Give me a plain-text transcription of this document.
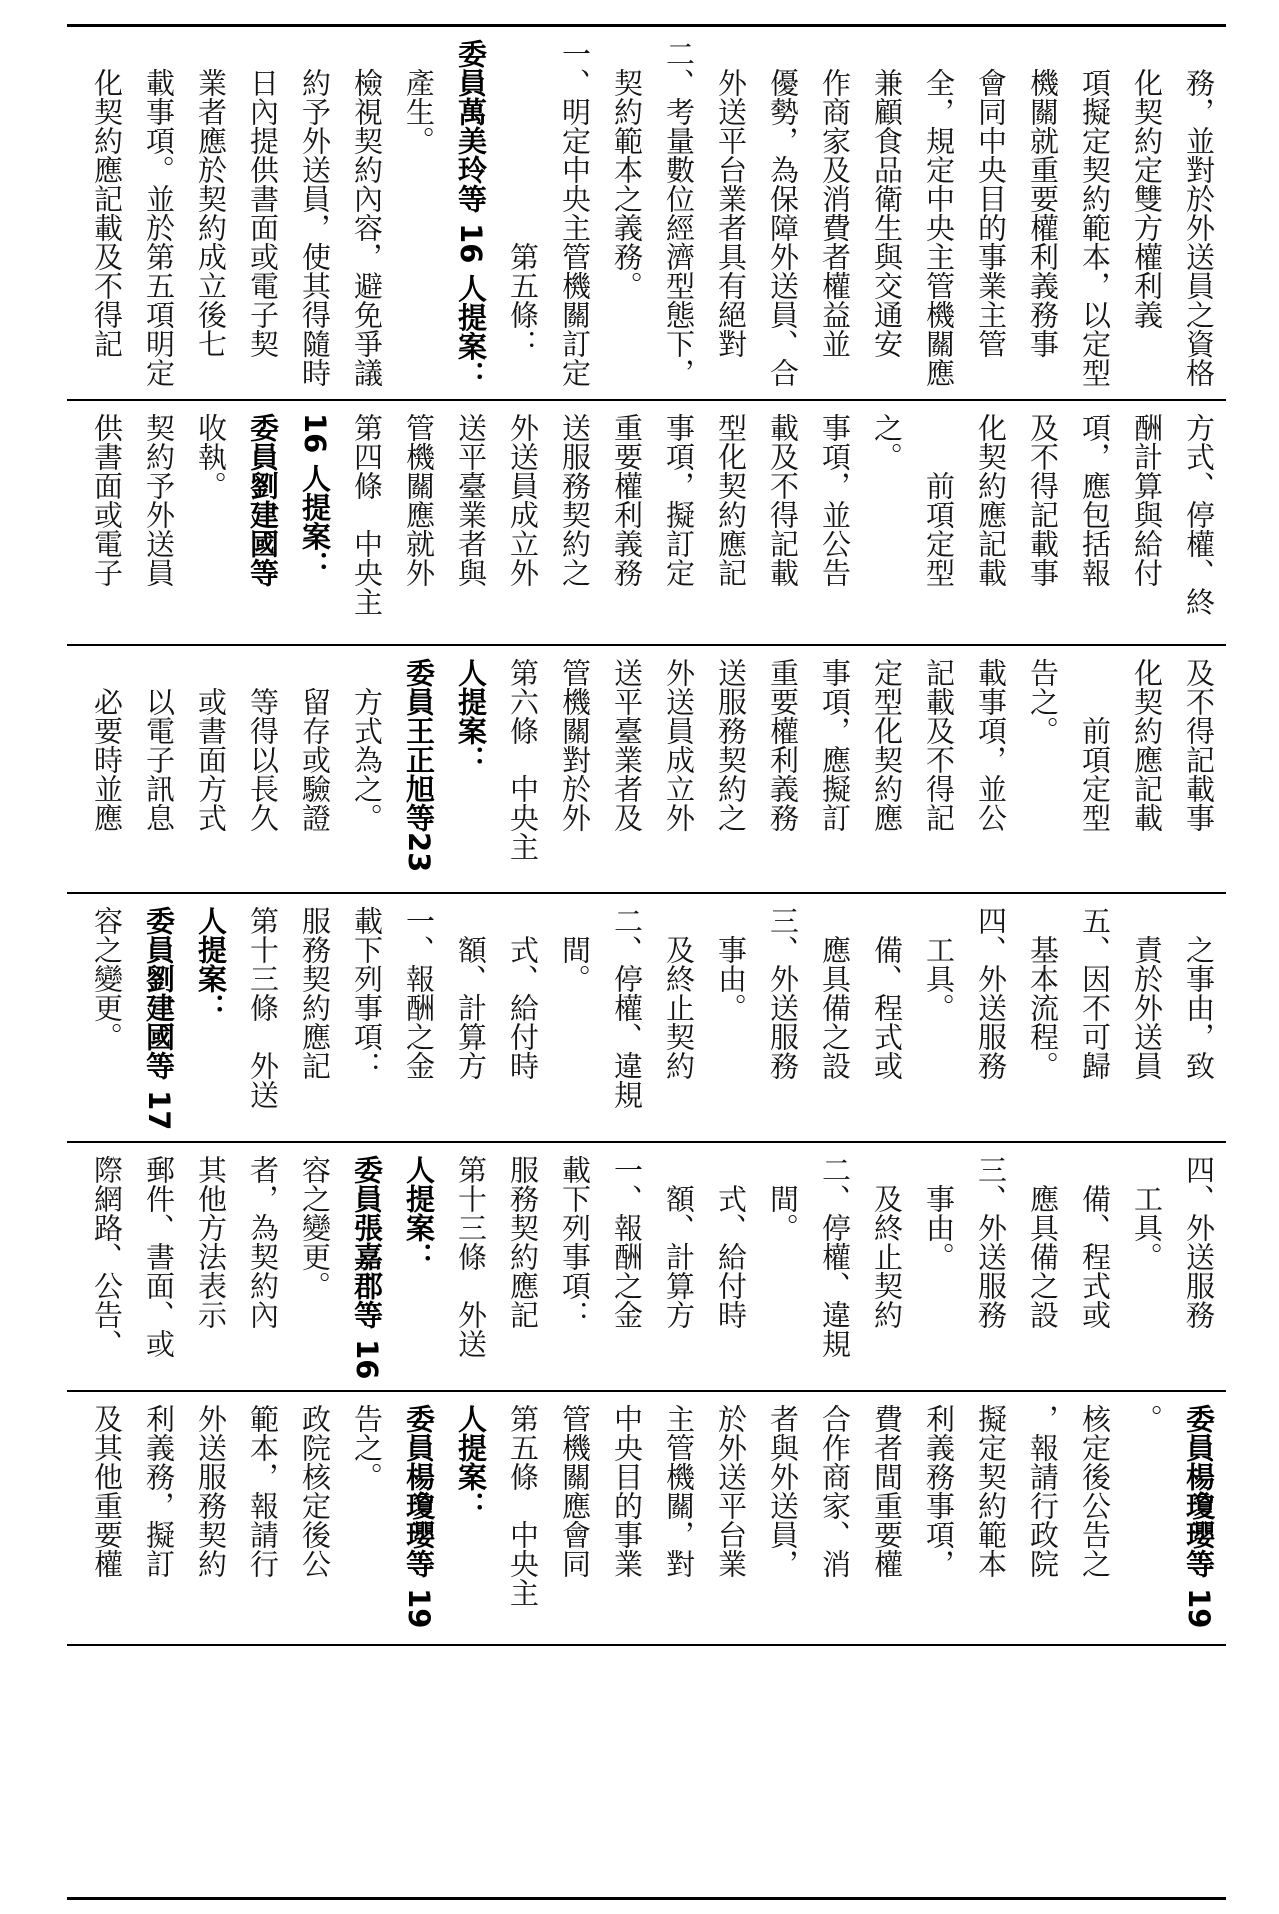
　化契約應記載及不得記 　載事項。並於第五項明定 　業者應於契約成立後七 　日內提供書面或電子契 　約予外送員，使其得隨時 　檢視契約內容，避免爭議 　產生。 委員萬美玲等 16 人提案： 　　　　　　　第五條： 一、明定中央主管機關訂定 　契約範本之義務。 二、考量數位經濟型態下， 　外送平台業者具有絕對 　優勢，為保障外送員、合 　作商家及消費者權益並 　兼顧食品衛生與交通安 　全，規定中央主管機關應 　會同中央目的事業主管 　機關就重要權利義務事 　項擬定契約範本，以定型 　化契約定雙方權利義 　務，並對於外送員之資格
供書面或電子 契約予外送員 收執。 委員劉建國等 16 人提案： 第四條　中央主 管機關應就外 送平臺業者與 外送員成立外 送服務契約之 重要權利義務 事項，擬訂定 型化契約應記 載及不得記載 事項，並公告 之。 　　前項定型 化契約應記載 及不得記載事 項，應包括報 酬計算與給付 方式、停權、終
　必要時並應 　以電子訊息 　或書面方式 　等得以長久 　留存或驗證 　方式為之。 委員王正旭等23 人提案： 第六條　中央主 管機關對於外 送平臺業者及 外送員成立外 送服務契約之 重要權利義務 事項，應擬訂 定型化契約應 記載及不得記 載事項，並公 告之。 　　前項定型 化契約應記載 及不得記載事
容之變更。 委員劉建國等 17 人提案： 第十三條　外送 服務契約應記 載下列事項： 一、報酬之金 　額、計算方 　式、給付時 　間。 二、停權、違規 　及終止契約 　事由。 三、外送服務 　應具備之設 　備、程式或 　工具。 四、外送服務 　基本流程。 五、因不可歸 　責於外送員 　之事由，致
際網路、公告、 郵件、書面、或 其他方法表示 者，為契約內 容之變更。 委員張嘉郡等 16 人提案： 第十三條　外送 服務契約應記 載下列事項： 一、報酬之金 　額、計算方 　式、給付時 　間。 二、停權、違規 　及終止契約 　事由。 三、外送服務 　應具備之設 　備、程式或 　工具。 四、外送服務
及其他重要權 利義務，擬訂 外送服務契約 範本，報請行 政院核定後公 告之。 委員楊瓊瓔等 19 人提案： 第五條　中央主 管機關應會同 中央目的事業 主管機關，對 於外送平台業 者與外送員， 合作商家、消 費者間重要權 利義務事項， 擬定契約範本 ，報請行政院 核定後公告之 。 委員楊瓊瓔等 19
